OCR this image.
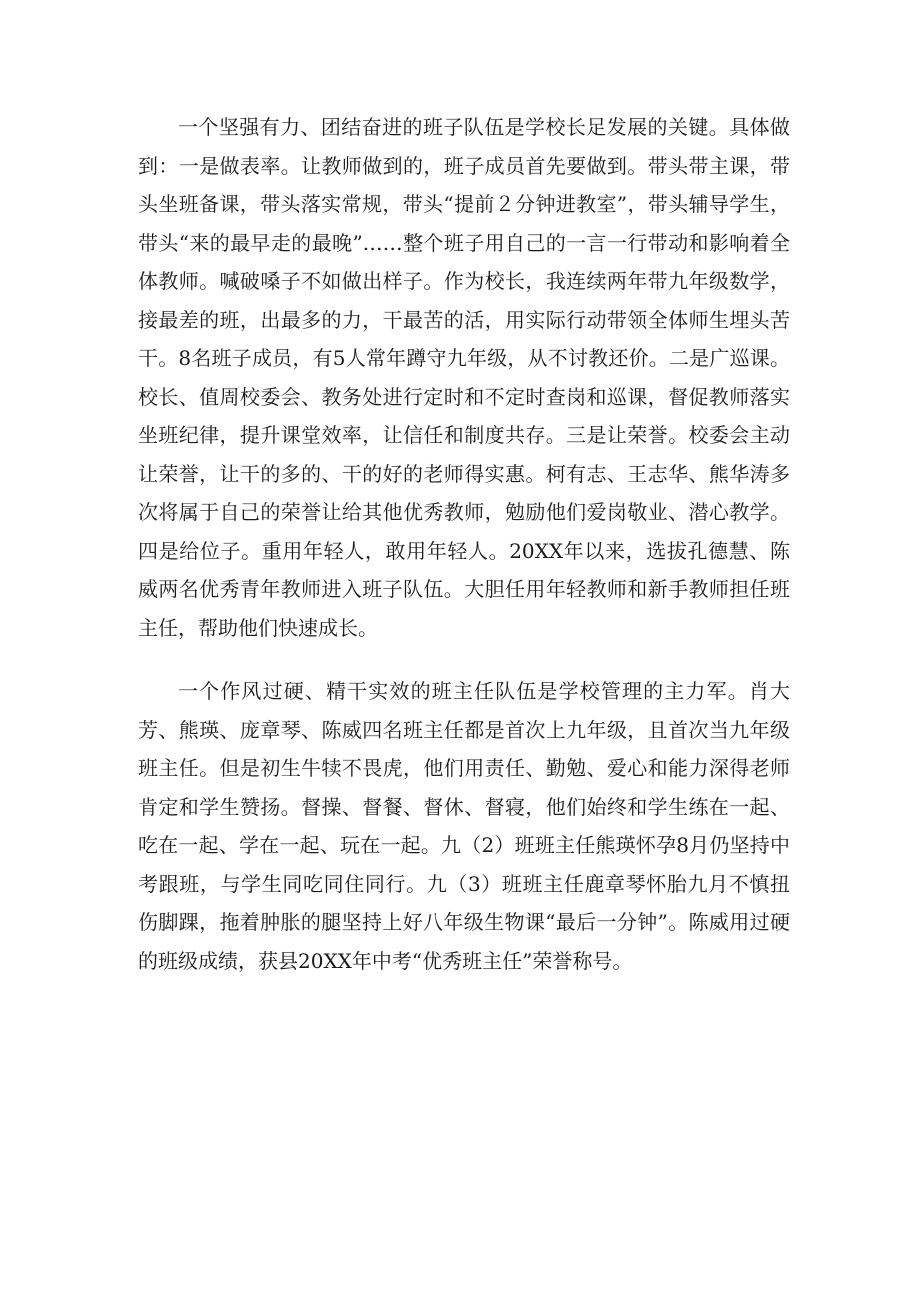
一个坚强有力、团结奋进的班子队伍是学校长足发展的关键。具体做到：一是做表率。让教师做到的，班子成员首先要做到。带头带主课，带头坐班备课，带头落实常规，带头“提前２分钟进教室”，带头辅导学生，带头“来的最早走的最晚”……整个班子用自己的一言一行带动和影响着全体教师。喊破嗓子不如做出样子。作为校长，我连续两年带九年级数学，接最差的班，出最多的力，干最苦的活，用实际行动带领全体师生埋头苦干。8名班子成员，有5人常年蹲守九年级，从不讨教还价。二是广巡课。校长、值周校委会、教务处进行定时和不定时查岗和巡课，督促教师落实坐班纪律，提升课堂效率，让信任和制度共存。三是让荣誉。校委会主动让荣誉，让干的多的、干的好的老师得实惠。柯有志、王志华、熊华涛多次将属于自己的荣誉让给其他优秀教师，勉励他们爱岗敬业、潜心教学。四是给位子。重用年轻人，敢用年轻人。20XX年以来，选拔孔德慧、陈威两名优秀青年教师进入班子队伍。大胆任用年轻教师和新手教师担任班主任，帮助他们快速成长。

一个作风过硬、精干实效的班主任队伍是学校管理的主力军。肖大芳、熊瑛、庞章琴、陈威四名班主任都是首次上九年级，且首次当九年级班主任。但是初生牛犊不畏虎，他们用责任、勤勉、爱心和能力深得老师肯定和学生赞扬。督操、督餐、督休、督寝，他们始终和学生练在一起、吃在一起、学在一起、玩在一起。九（2）班班主任熊瑛怀孕8月仍坚持中考跟班，与学生同吃同住同行。九（3）班班主任鹿章琴怀胎九月不慎扭伤脚踝，拖着肿胀的腿坚持上好八年级生物课“最后一分钟”。陈威用过硬的班级成绩，获县20XX年中考“优秀班主任”荣誉称号。
